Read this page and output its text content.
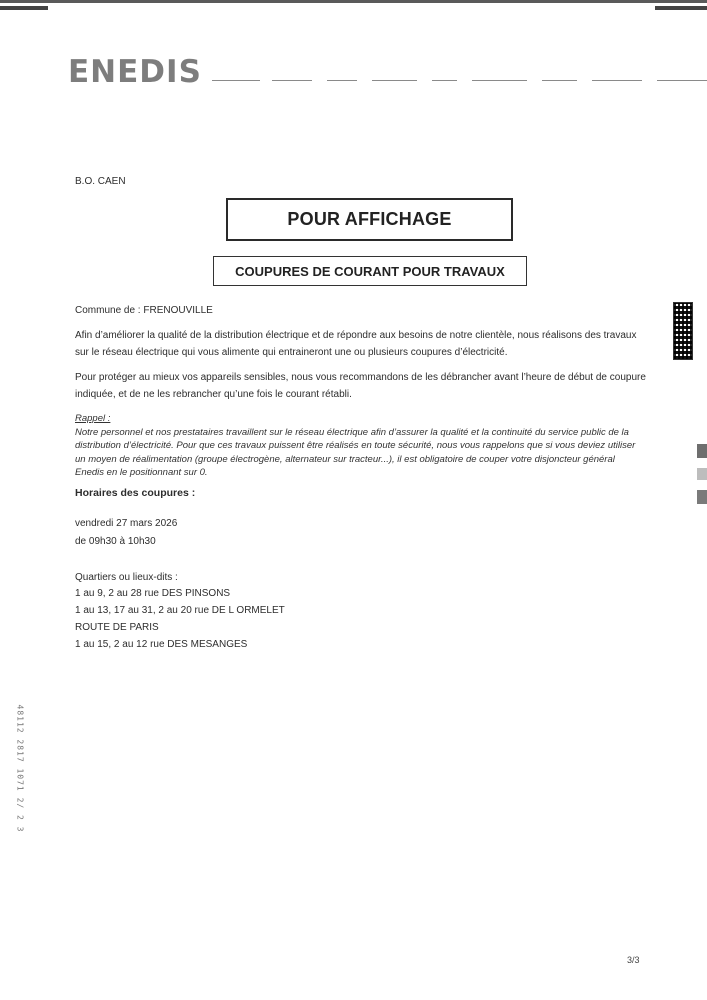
ENEDIS
B.O. CAEN
POUR AFFICHAGE
COUPURES DE COURANT POUR TRAVAUX
Commune de : FRENOUVILLE
Afin d’améliorer la qualité de la distribution électrique et de répondre aux besoins de notre clientèle, nous réalisons des travaux sur le réseau électrique qui vous alimente qui entraineront une ou plusieurs coupures d’électricité.
Pour protéger au mieux vos appareils sensibles, nous vous recommandons de les débrancher avant l’heure de début de coupure indiquée, et de ne les rebrancher qu’une fois le courant rétabli.
Rappel :
Notre personnel et nos prestataires travaillent sur le réseau électrique afin d’assurer la qualité et la continuité du service public de la distribution d’électricité. Pour que ces travaux puissent être réalisés en toute sécurité, nous vous rappelons que si vous deviez utiliser un moyen de réalimentation (groupe électrogène, alternateur sur tracteur...), il est obligatoire de couper votre disjoncteur général Enedis en le positionnant sur 0.
Horaires des coupures :
vendredi 27 mars 2026
de 09h30 à 10h30
Quartiers ou lieux-dits :
1 au 9, 2 au 28 rue DES PINSONS
1 au 13, 17 au 31, 2 au 20 rue DE L ORMELET
ROUTE DE PARIS
1 au 15, 2 au 12 rue DES MESANGES
48112 2817 1071 2/ 2 3
3/3
